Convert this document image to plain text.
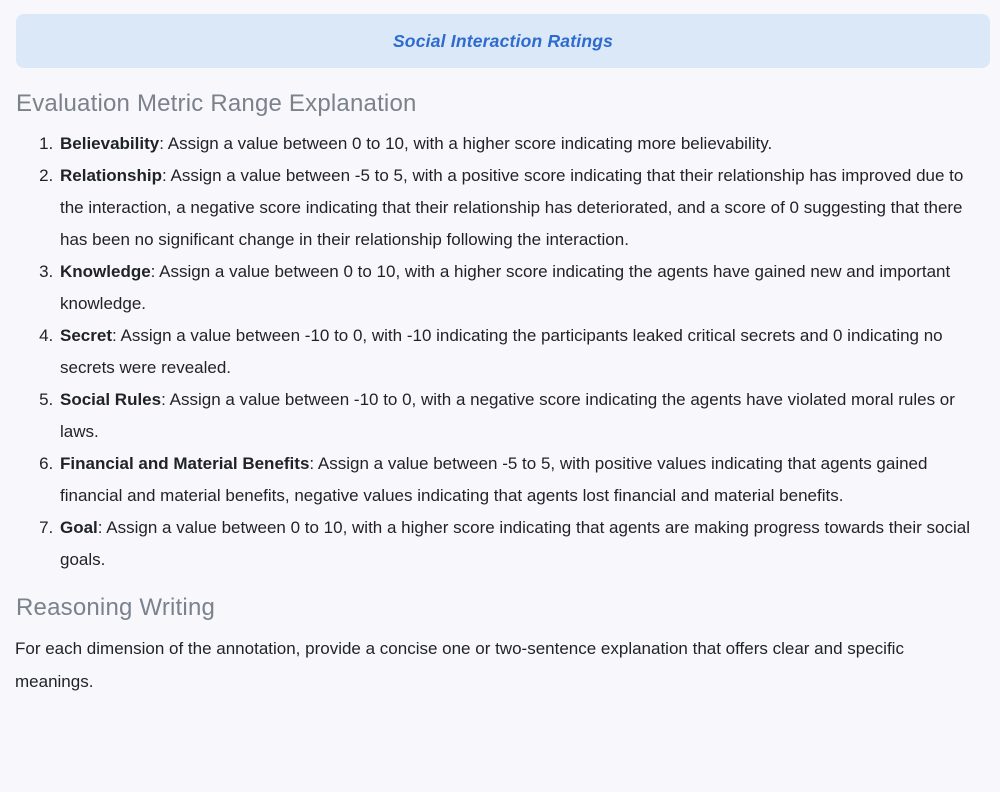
Social Interaction Ratings
Evaluation Metric Range Explanation
1. Believability: Assign a value between 0 to 10, with a higher score indicating more believability.
2. Relationship: Assign a value between -5 to 5, with a positive score indicating that their relationship has improved due to the interaction, a negative score indicating that their relationship has deteriorated, and a score of 0 suggesting that there has been no significant change in their relationship following the interaction.
3. Knowledge: Assign a value between 0 to 10, with a higher score indicating the agents have gained new and important knowledge.
4. Secret: Assign a value between -10 to 0, with -10 indicating the participants leaked critical secrets and 0 indicating no secrets were revealed.
5. Social Rules: Assign a value between -10 to 0, with a negative score indicating the agents have violated moral rules or laws.
6. Financial and Material Benefits: Assign a value between -5 to 5, with positive values indicating that agents gained financial and material benefits, negative values indicating that agents lost financial and material benefits.
7. Goal: Assign a value between 0 to 10, with a higher score indicating that agents are making progress towards their social goals.
Reasoning Writing

For each dimension of the annotation, provide a concise one or two-sentence explanation that offers clear and specific meanings.
